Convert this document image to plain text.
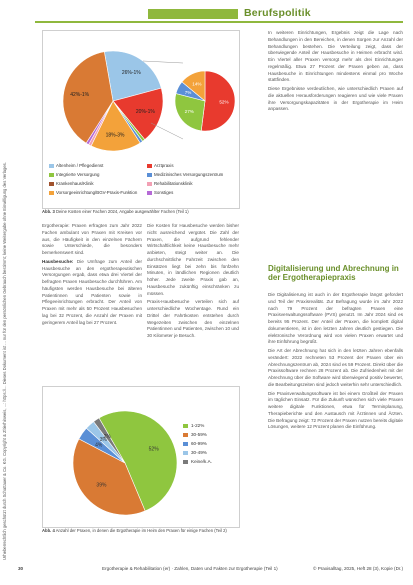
Berufspolitik
Urheberrechtlich geschützt durch Schattauer & Co. KG. Copyright & Zitierhinweis, ...: https://... Dieses Dokument ist ... nur für den persönlichen Gebrauch bestimmt; keine Weitergabe ohne Einwilligung des Verlages.
26%-1%
20%-1%
18%-3%
42%-1%
52%
27%
7%
14%
Altenheim / Pflegedienst	Arztpraxis
Integrierte Versorgung	Medizinisches Versorgungszentrum
Krankenhaus/Klinik	Rehabilitationsklinik
Vorsorgeeinrichtung/BGV-Praxis-Funktion	Sonstiges
Abb. 3 Deine Kosten einer Fachen 2024, Angabe ausgewählter Fachen (Teil 1)

Ergotherapie: Praxen erfragten zum Jahr 2022 Fachen ambulant von Praxen mit Kreisen vor aus, die Häufigkeit in den einzelnen Fächern sowie Unterschiede, die besonders bemerkenswert sind.

Hausbesuche: Die Umfrage zum Anteil der Hausbesuche an den ergotherapeutischen Versorgungen ergab, dass etwa drei Viertel der befragten Praxen Hausbesuche durchführen. Am häufigsten werden Hausbesuche bei älteren Patientinnen und Patienten sowie in Pflegeeinrichtungen erbracht. Der Anteil von Praxen mit mehr als 50 Prozent Hausbesuchen lag bei 32 Prozent, die Anzahl der Praxen mit geringerem Anteil lag bei 27 Prozent.

Die Kosten für Hausbesuche werden bisher nicht ausreichend vergütet. Die Zahl der Praxen, die aufgrund fehlender Wirtschaftlichkeit keine Hausbesuche mehr anbieten, steigt weiter an. Die durchschnittliche Fahrzeit zwischen den Einsätzen liegt bei zehn bis fünfzehn Minuten, in ländlichen Regionen deutlich höher. Jede zweite Praxis gab an, Hausbesuche zukünftig einschränken zu müssen.

Praxis-Hausbesuche verteilen sich auf unterschiedliche Wochentage. Rund ein Drittel der Fahrtkosten entstehen durch Wegezeiten zwischen den einzelnen Patientinnen und Patienten, zwischen 10 und 30 Kilometer je Besuch.

In weiteren Einrichtungen, Ergebnis zeigt die Lage nach Behandlungen in den Bereichen, in denen Sorgen zur Anzahl der Behandlungen bestehen. Die Verteilung zeigt, dass der überwiegende Anteil der Hausbesuche in Heimen erbracht wird. Ein Viertel aller Praxen versorgt mehr als drei Einrichtungen regelmäßig. Etwa 27 Prozent der Praxen geben an, dass Hausbesuche in Einrichtungen mindestens einmal pro Woche stattfinden.

Diese Ergebnisse verdeutlichen, wie unterschiedlich Praxen auf die aktuellen Herausforderungen reagieren und wie viele Praxen ihre Versorgungskapazitäten in der Ergotherapie im Heim anpassen.

Digitalisierung und Abrechnung in der Ergotherapiepraxis

Die Digitalisierung ist auch in der Ergotherapie längst gefordert und Teil der Praxisrealität. Zur Befragung wurde im Jahr 2022 nach 79 Prozent der befragten Praxen eine Praxisverwaltungssoftware (PVS) genutzt. Im Jahr 2024 sind es bereits 95 Prozent. Der Anteil der Praxen, die komplett digital dokumentieren, ist in den letzten Jahren deutlich gestiegen. Die elektronische Verordnung wird von vielen Praxen erwartet und ihre Einführung begrüßt.

Die Art der Abrechnung hat sich in den letzten Jahren ebenfalls verändert: 2022 rechneten 53 Prozent der Praxen über ein Abrechnungszentrum ab, 2024 sind es 59 Prozent. Direkt über die Praxissoftware rechnen 28 Prozent ab. Die Zufriedenheit mit der Abrechnung über die Software wird überwiegend positiv bewertet, die Bearbeitungszeiten sind jedoch weiterhin sehr unterschiedlich.

Die Praxisverwaltungssoftware ist bei einem Großteil der Praxen im täglichen Einsatz. Für die Zukunft wünschen sich viele Praxen weitere digitale Funktionen, etwa für Terminplanung, Therapieberichte und den Austausch mit Ärztinnen und Ärzten. Die Befragung zeigt: 72 Prozent der Praxen nutzen bereits digitale Lösungen, weitere 12 Prozent planen die Einführung.

52%
39%
4%
3%
2%
1-22%
30-59%
60-99%
30-49%
Keine/k.A.
Abb. 4 Anzahl der Praxen, in denen die Ergotherapie im Heim den Praxen für einige Fachen (Teil 2)
30	Ergotherapie & Rehabilitation (er) · Zahlen, Daten und Fakten zur Ergotherapie (Teil 1)	© Praxisalltag, 2025, Heft 28 (3), Kopie (Dr.)
